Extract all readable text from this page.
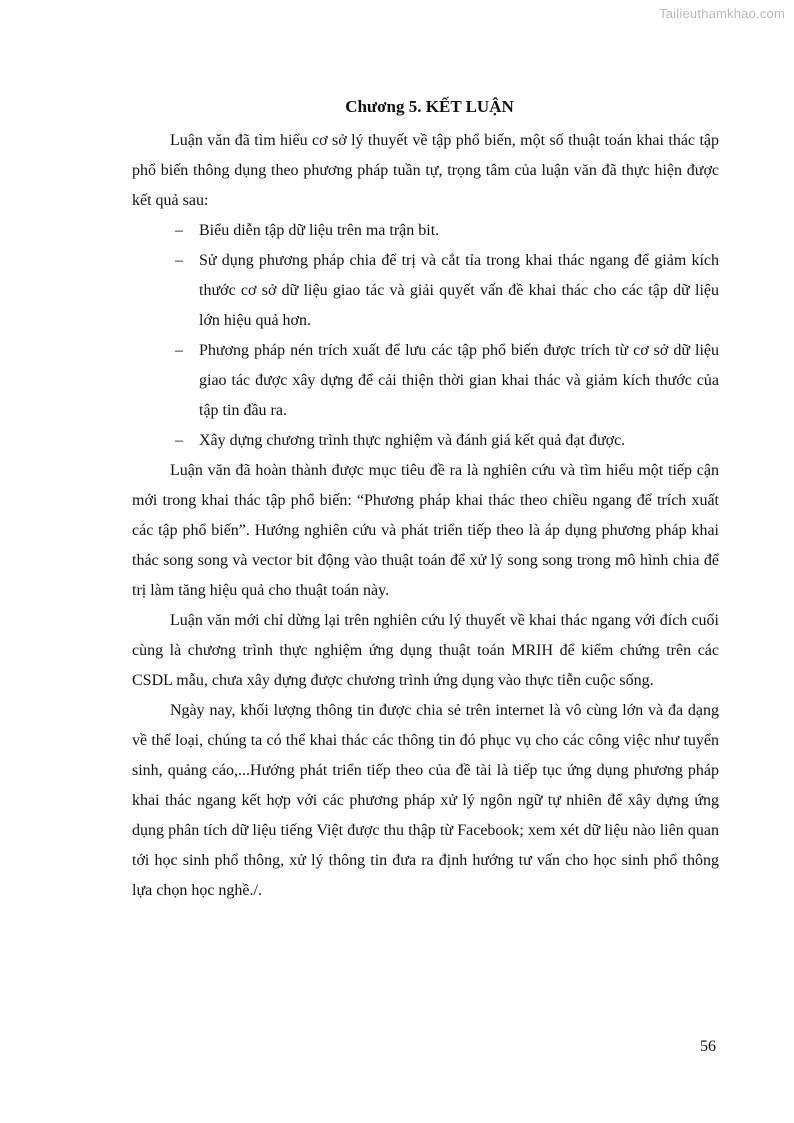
Tailieuthamkhao.com
Chương 5. KẾT LUẬN

Luận văn đã tìm hiểu cơ sở lý thuyết về tập phổ biến, một số thuật toán khai thác tập phổ biến thông dụng theo phương pháp tuần tự, trọng tâm của luận văn đã thực hiện được kết quả sau:

– Biểu diễn tập dữ liệu trên ma trận bit.
– Sử dụng phương pháp chia để trị và cắt tỉa trong khai thác ngang để giảm kích thước cơ sở dữ liệu giao tác và giải quyết vấn đề khai thác cho các tập dữ liệu lớn hiệu quả hơn.
– Phương pháp nén trích xuất để lưu các tập phổ biến được trích từ cơ sở dữ liệu giao tác được xây dựng để cải thiện thời gian khai thác và giảm kích thước của tập tin đầu ra.
– Xây dựng chương trình thực nghiệm và đánh giá kết quả đạt được.

Luận văn đã hoàn thành được mục tiêu đề ra là nghiên cứu và tìm hiểu một tiếp cận mới trong khai thác tập phổ biến: “Phương pháp khai thác theo chiều ngang để trích xuất các tập phổ biến”. Hướng nghiên cứu và phát triển tiếp theo là áp dụng phương pháp khai thác song song và vector bit động vào thuật toán để xử lý song song trong mô hình chia để trị làm tăng hiệu quả cho thuật toán này.

Luận văn mới chỉ dừng lại trên nghiên cứu lý thuyết về khai thác ngang với đích cuối cùng là chương trình thực nghiệm ứng dụng thuật toán MRIH để kiểm chứng trên các CSDL mẫu, chưa xây dựng được chương trình ứng dụng vào thực tiễn cuộc sống.

Ngày nay, khối lượng thông tin được chia sẻ trên internet là vô cùng lớn và đa dạng về thể loại, chúng ta có thể khai thác các thông tin đó phục vụ cho các công việc như tuyển sinh, quảng cáo,...Hướng phát triển tiếp theo của đề tài là tiếp tục ứng dụng phương pháp khai thác ngang kết hợp với các phương pháp xử lý ngôn ngữ tự nhiên để xây dựng ứng dụng phân tích dữ liệu tiếng Việt được thu thập từ Facebook; xem xét dữ liệu nào liên quan tới học sinh phổ thông, xử lý thông tin đưa ra định hướng tư vấn cho học sinh phổ thông lựa chọn học nghề./.

56
